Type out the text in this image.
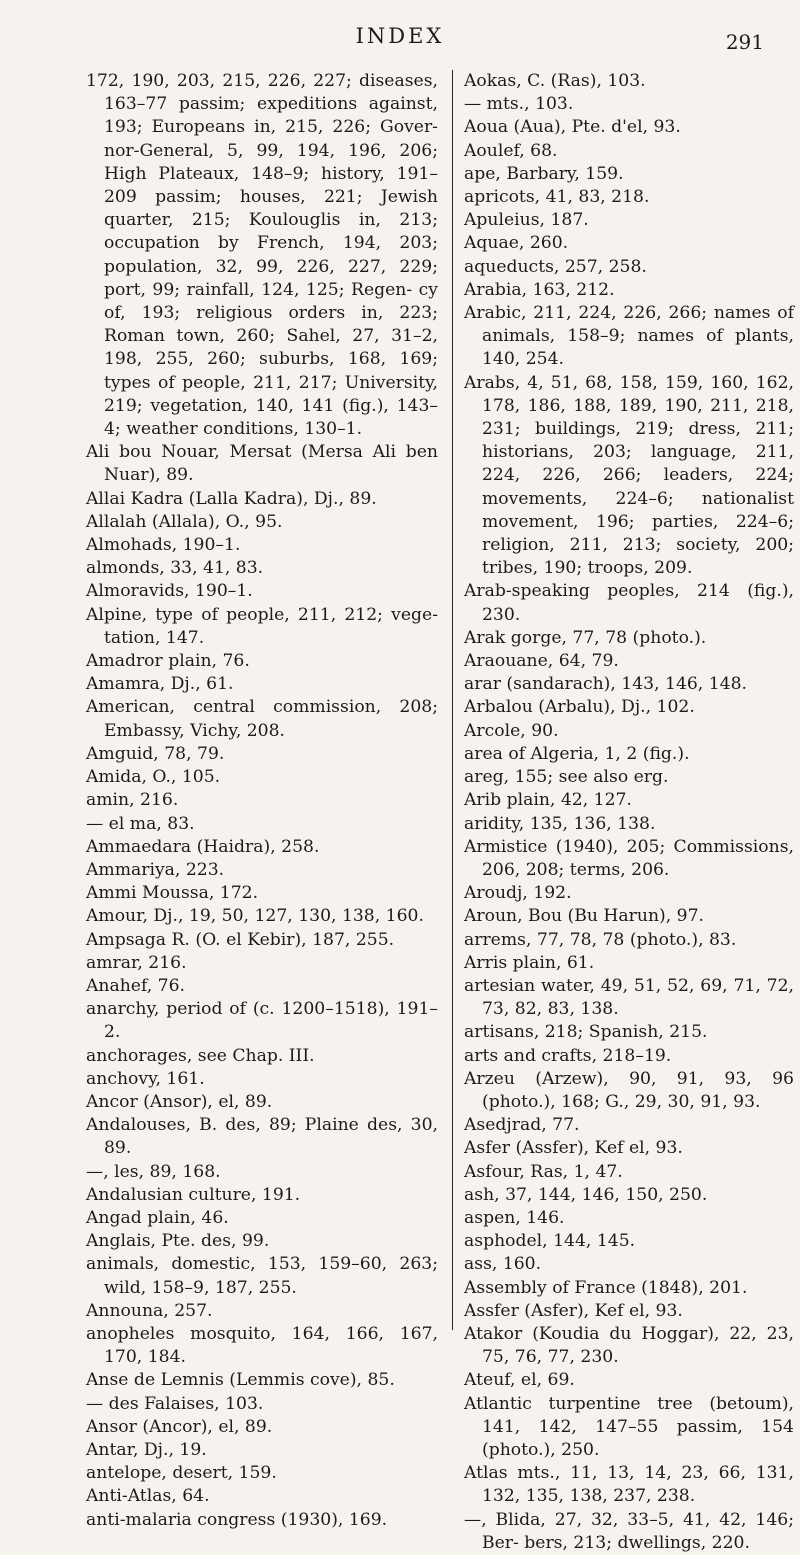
INDEX	291

172, 190, 203, 215, 226, 227; diseases, 163–77 passim; expeditions against, 193; Europeans in, 215, 226; Gover- nor-General, 5, 99, 194, 196, 206; High Plateaux, 148–9; history, 191– 209 passim; houses, 221; Jewish quarter, 215; Koulouglis in, 213; occupation by French, 194, 203; population, 32, 99, 226, 227, 229; port, 99; rainfall, 124, 125; Regen- cy of, 193; religious orders in, 223; Roman town, 260; Sahel, 27, 31–2, 198, 255, 260; suburbs, 168, 169; types of people, 211, 217; University, 219; vegetation, 140, 141 (fig.), 143–4; weather conditions, 130–1.

Ali bou Nouar, Mersat (Mersa Ali ben Nuar), 89.

Allai Kadra (Lalla Kadra), Dj., 89.

Allalah (Allala), O., 95.

Almohads, 190–1.

almonds, 33, 41, 83.

Almoravids, 190–1.

Alpine, type of people, 211, 212; vege- tation, 147.

Amadror plain, 76.

Amamra, Dj., 61.

American, central commission, 208; Embassy, Vichy, 208.

Amguid, 78, 79.

Amida, O., 105.

amin, 216.

— el ma, 83.

Ammaedara (Haidra), 258.

Ammariya, 223.

Ammi Moussa, 172.

Amour, Dj., 19, 50, 127, 130, 138, 160.

Ampsaga R. (O. el Kebir), 187, 255.

amrar, 216.

Anahef, 76.

anarchy, period of (c. 1200–1518), 191–2.

anchorages, see Chap. III.

anchovy, 161.

Ancor (Ansor), el, 89.

Andalouses, B. des, 89; Plaine des, 30, 89.

—, les, 89, 168.

Andalusian culture, 191.

Angad plain, 46.

Anglais, Pte. des, 99.

animals, domestic, 153, 159–60, 263; wild, 158–9, 187, 255.

Announa, 257.

anopheles mosquito, 164, 166, 167, 170, 184.

Anse de Lemnis (Lemmis cove), 85.

— des Falaises, 103.

Ansor (Ancor), el, 89.

Antar, Dj., 19.

antelope, desert, 159.

Anti-Atlas, 64.

anti-malaria congress (1930), 169.

Aokas, C. (Ras), 103.

— mts., 103.

Aoua (Aua), Pte. d'el, 93.

Aoulef, 68.

ape, Barbary, 159.

apricots, 41, 83, 218.

Apuleius, 187.

Aquae, 260.

aqueducts, 257, 258.

Arabia, 163, 212.

Arabic, 211, 224, 226, 266; names of animals, 158–9; names of plants, 140, 254.

Arabs, 4, 51, 68, 158, 159, 160, 162, 178, 186, 188, 189, 190, 211, 218, 231; buildings, 219; dress, 211; historians, 203; language, 211, 224, 226, 266; leaders, 224; movements, 224–6; nationalist movement, 196; parties, 224–6; religion, 211, 213; society, 200; tribes, 190; troops, 209.

Arab-speaking peoples, 214 (fig.), 230.

Arak gorge, 77, 78 (photo.).

Araouane, 64, 79.

arar (sandarach), 143, 146, 148.

Arbalou (Arbalu), Dj., 102.

Arcole, 90.

area of Algeria, 1, 2 (fig.).

areg, 155; see also erg.

Arib plain, 42, 127.

aridity, 135, 136, 138.

Armistice (1940), 205; Commissions, 206, 208; terms, 206.

Aroudj, 192.

Aroun, Bou (Bu Harun), 97.

arrems, 77, 78, 78 (photo.), 83.

Arris plain, 61.

artesian water, 49, 51, 52, 69, 71, 72, 73, 82, 83, 138.

artisans, 218; Spanish, 215.

arts and crafts, 218–19.

Arzeu (Arzew), 90, 91, 93, 96 (photo.), 168; G., 29, 30, 91, 93.

Asedjrad, 77.

Asfer (Assfer), Kef el, 93.

Asfour, Ras, 1, 47.

ash, 37, 144, 146, 150, 250.

aspen, 146.

asphodel, 144, 145.

ass, 160.

Assembly of France (1848), 201.

Assfer (Asfer), Kef el, 93.

Atakor (Koudia du Hoggar), 22, 23, 75, 76, 77, 230.

Ateuf, el, 69.

Atlantic turpentine tree (betoum), 141, 142, 147–55 passim, 154 (photo.), 250.

Atlas mts., 11, 13, 14, 23, 66, 131, 132, 135, 138, 237, 238.

—, Blida, 27, 32, 33–5, 41, 42, 146; Ber- bers, 213; dwellings, 220.
